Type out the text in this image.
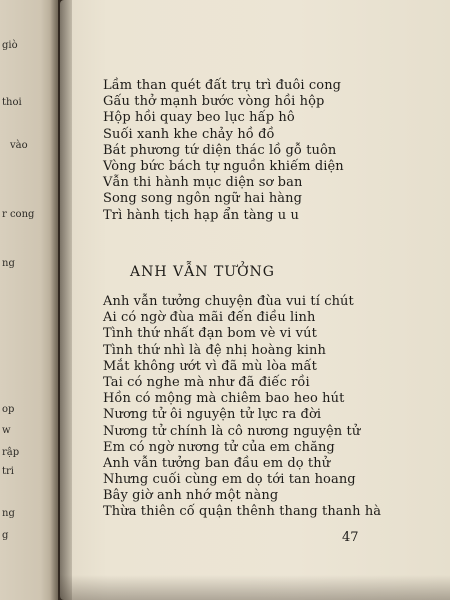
giò
thoi
vào
r cong
ng
op
w
rập
tri
ng
g
Lầm than quét đất trụ trì đuôi cong
Gấu thở mạnh bước vòng hồi hộp
Hộp hồi quay beo lục hấp hô
Suối xanh khe chảy hồ đồ
Bát phương tứ diện thác lồ gỗ tuôn
Vòng bức bách tự nguồn khiếm diện
Vẫn thi hành mục diện sơ ban
Song song ngôn ngữ hai hàng
Trì hành tịch hạp ẩn tàng u u
ANH VẪN TƯỞNG
Anh vẫn tưởng chuyện đùa vui tí chút
Ai có ngờ đùa mãi đến điều linh
Tình thứ nhất đạn bom vè vi vút
Tình thứ nhì là đệ nhị hoàng kinh
Mắt không ướt vì đã mù lòa mất
Tai có nghe mà như đã điếc rồi
Hồn có mộng mà chiêm bao heo hút
Nương tử ôi nguyện tử lực ra đời
Nương tử chính là cô nương nguyện tử
Em có ngờ nương tử của em chăng
Anh vẫn tưởng ban đầu em dọ thử
Nhưng cuối cùng em dọ tới tan hoang
Bây giờ anh nhớ một nàng
Thừa thiên cố quận thênh thang thanh hà
47
